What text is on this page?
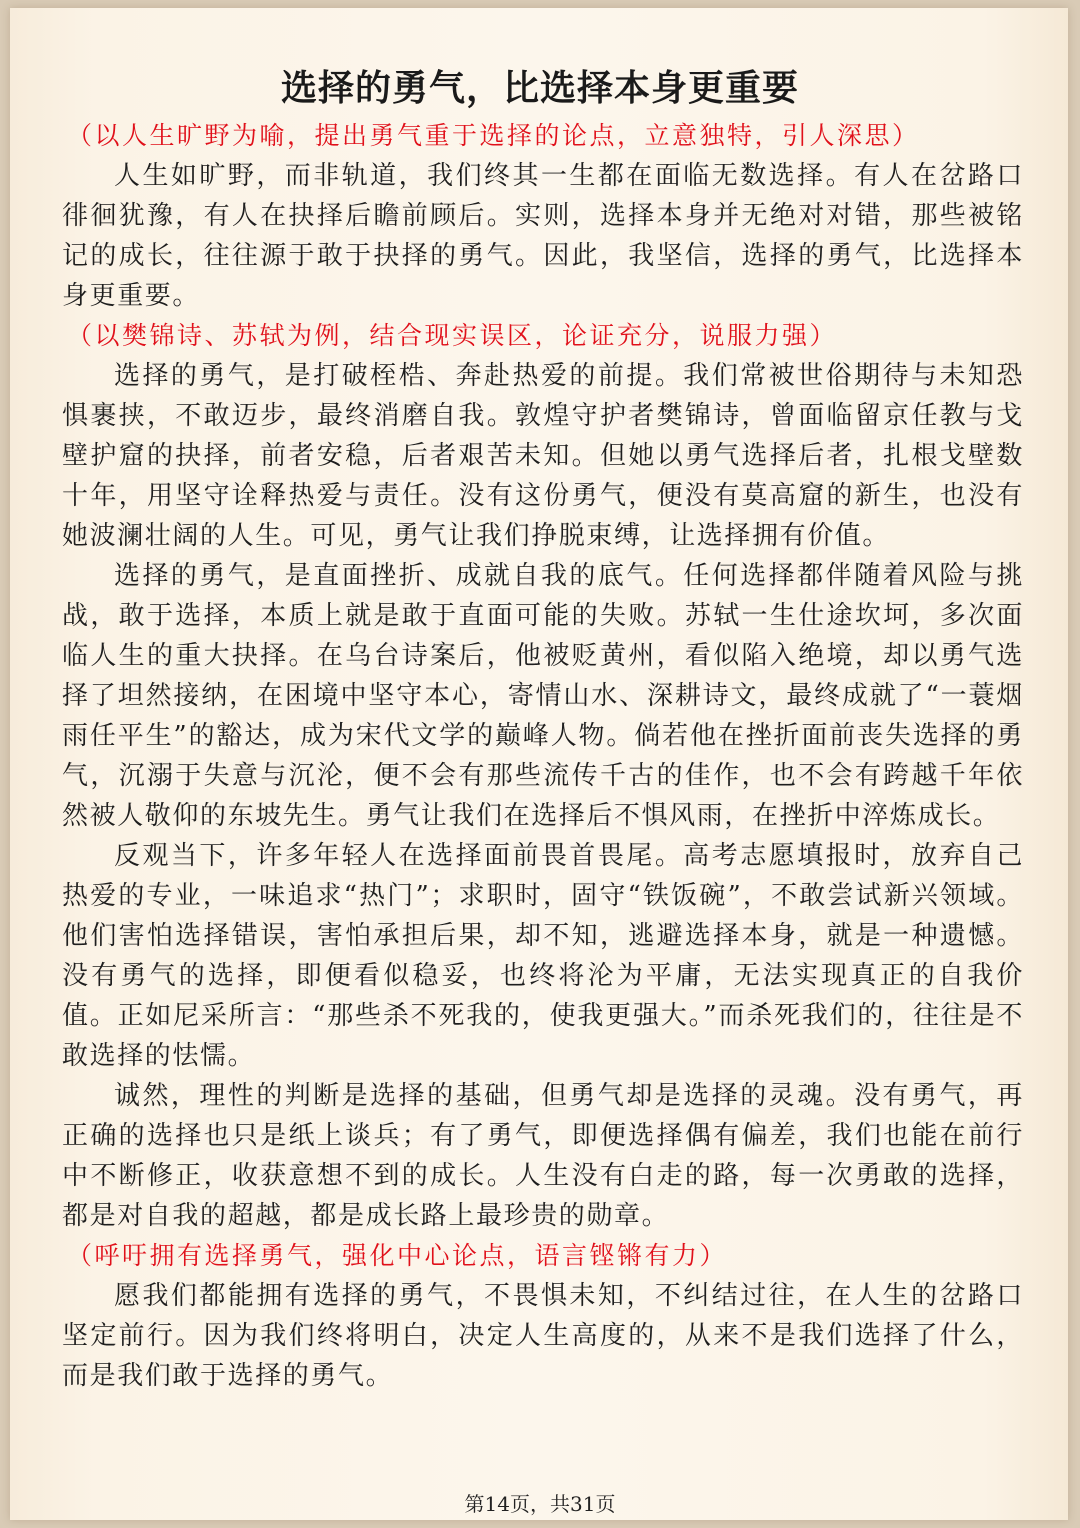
选择的勇气，比选择本身更重要

（以人生旷野为喻，提出勇气重于选择的论点，立意独特，引人深思）

人生如旷野，而非轨道，我们终其一生都在面临无数选择。有人在岔路口徘徊犹豫，有人在抉择后瞻前顾后。实则，选择本身并无绝对对错，那些被铭记的成长，往往源于敢于抉择的勇气。因此，我坚信，选择的勇气，比选择本身更重要。

（以樊锦诗、苏轼为例，结合现实误区，论证充分，说服力强）

选择的勇气，是打破桎梏、奔赴热爱的前提。我们常被世俗期待与未知恐惧裹挟，不敢迈步，最终消磨自我。敦煌守护者樊锦诗，曾面临留京任教与戈壁护窟的抉择，前者安稳，后者艰苦未知。但她以勇气选择后者，扎根戈壁数十年，用坚守诠释热爱与责任。没有这份勇气，便没有莫高窟的新生，也没有她波澜壮阔的人生。可见，勇气让我们挣脱束缚，让选择拥有价值。

选择的勇气，是直面挫折、成就自我的底气。任何选择都伴随着风险与挑战，敢于选择，本质上就是敢于直面可能的失败。苏轼一生仕途坎坷，多次面临人生的重大抉择。在乌台诗案后，他被贬黄州，看似陷入绝境，却以勇气选择了坦然接纳，在困境中坚守本心，寄情山水、深耕诗文，最终成就了“一蓑烟雨任平生”的豁达，成为宋代文学的巅峰人物。倘若他在挫折面前丧失选择的勇气，沉溺于失意与沉沦，便不会有那些流传千古的佳作，也不会有跨越千年依然被人敬仰的东坡先生。勇气让我们在选择后不惧风雨，在挫折中淬炼成长。

反观当下，许多年轻人在选择面前畏首畏尾。高考志愿填报时，放弃自己热爱的专业，一味追求“热门”；求职时，固守“铁饭碗”，不敢尝试新兴领域。他们害怕选择错误，害怕承担后果，却不知，逃避选择本身，就是一种遗憾。没有勇气的选择，即便看似稳妥，也终将沦为平庸，无法实现真正的自我价值。正如尼采所言：“那些杀不死我的，使我更强大。”而杀死我们的，往往是不敢选择的怯懦。

诚然，理性的判断是选择的基础，但勇气却是选择的灵魂。没有勇气，再正确的选择也只是纸上谈兵；有了勇气，即便选择偶有偏差，我们也能在前行中不断修正，收获意想不到的成长。人生没有白走的路，每一次勇敢的选择，都是对自我的超越，都是成长路上最珍贵的勋章。

（呼吁拥有选择勇气，强化中心论点，语言铿锵有力）

愿我们都能拥有选择的勇气，不畏惧未知，不纠结过往，在人生的岔路口坚定前行。因为我们终将明白，决定人生高度的，从来不是我们选择了什么，而是我们敢于选择的勇气。

第14页，共31页
